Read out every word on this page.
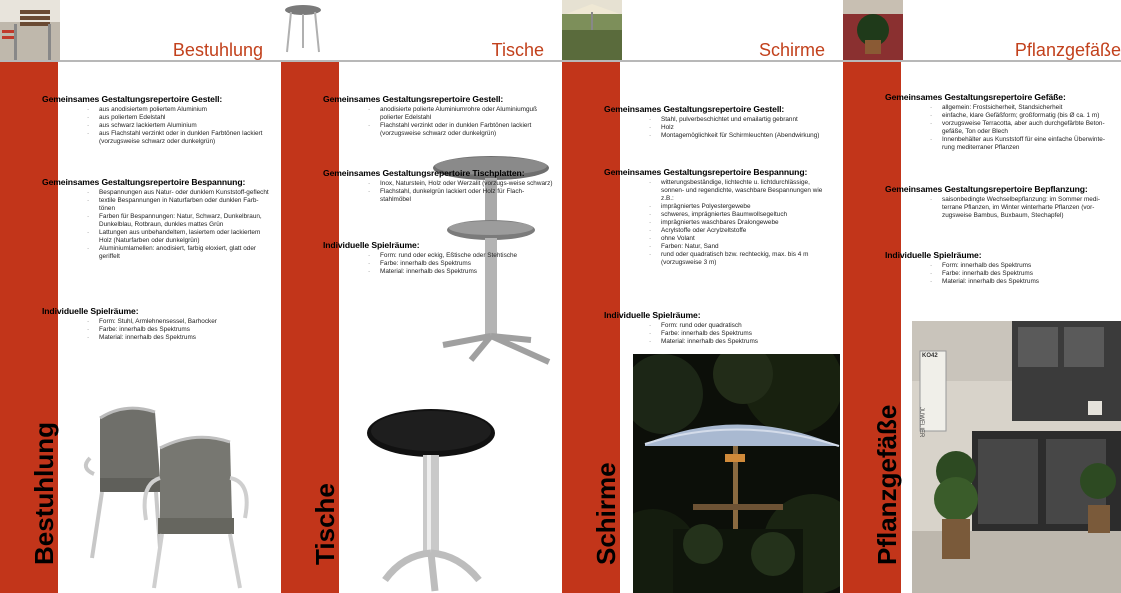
Bestuhlung
Bestuhlung
Gemeinsames Gestaltungsrepertoire Gestell:
· aus anodisiertem poliertem Aluminium
· aus poliertem Edelstahl
· aus schwarz lackiertem Aluminium
· aus Flachstahl verzinkt oder in dunklen Farbtönen lackiert (vorzugsweise schwarz oder dunkelgrün)
Gemeinsames Gestaltungsrepertoire Bespannung:
· Bespannungen aus Natur- oder dunklem Kunststoff-geflecht
· textile Bespannungen in Naturfarben oder dunklen Farb-tönen
· Farben für Bespannungen: Natur, Schwarz, Dunkelbraun, Dunkelblau, Rotbraun, dunkles mattes Grün
· Lattungen aus unbehandeltem, lasiertem oder lackiertem Holz (Naturfarben oder dunkelgrün)
· Aluminiumlamellen: anodisiert, farbig eloxiert, glatt oder geriffelt
Individuelle Spielräume:
· Form: Stuhl, Armlehnensessel, Barhocker
· Farbe: innerhalb des Spektrums
· Material: innerhalb des Spektrums
Tische
Tische
Gemeinsames Gestaltungsrepertoire Gestell:
· anodisierte polierte Aluminiumrohre oder Aluminiumguß polierter Edelstahl
· Flachstahl verzinkt oder in dunklen Farbtönen lackiert (vorzugsweise schwarz oder dunkelgrün)
Gemeinsames Gestaltungsrepertoire Tischplatten:
· Inox, Naturstein, Holz oder Werzalit (vorzugs-weise schwarz)
· Flachstahl, dunkelgrün lackiert oder Holz für Flach-stahlmöbel
Individuelle Spielräume:
· Form: rund oder eckig, Eßtische oder Stehtische
· Farbe: innerhalb des Spektrums
· Material: innerhalb des Spektrums
Schirme
Schirme
Gemeinsames Gestaltungsrepertoire Gestell:
· Stahl, pulverbeschichtet und emailartig gebrannt
· Holz
· Montagemöglichkeit für Schirmleuchten (Abendwirkung)
Gemeinsames Gestaltungsrepertoire Bespannung:
· witterungsbeständige, lichtechte u. lichtdurchlässige, sonnen- und regendichte, waschbare Bespannungen wie z.B.:
· imprägniertes Polyestergewebe
· schweres, imprägniertes Baumwollsegeltuch
· imprägniertes waschbares Dralongewebe
· Acrylstoffe oder Acrylzeltstoffe
· ohne Volant
· Farben: Natur, Sand
· rund oder quadratisch bzw. rechteckig, max. bis 4 m (vorzugsweise 3 m)
Individuelle Spielräume:
· Form: rund oder quadratisch
· Farbe: innerhalb des Spektrums
· Material: innerhalb des Spektrums
Pflanzgefäße
Pflanzgefäße
Gemeinsames Gestaltungsrepertoire Gefäße:
· allgemein: Frostsicherheit, Standsicherheit
· einfache, klare Gefäßform; großformatig (bis Ø ca. 1 m)
· vorzugsweise Terracotta, aber auch durchgefärbte Beton-gefäße, Ton oder Blech
· Innenbehälter aus Kunststoff für eine einfache Überwinte-rung mediterraner Pflanzen
Gemeinsames Gestaltungsrepertoire Bepflanzung:
· saisonbedingte Wechselbepflanzung: im Sommer medi-terrane Pflanzen, im Winter winterharte Pflanzen (vor-zugsweise Bambus, Buxbaum, Stechapfel)
Individuelle Spielräume:
· Form: innerhalb des Spektrums
· Farbe: innerhalb des Spektrums
· Material: innerhalb des Spektrums
KO42
JUWELIER
